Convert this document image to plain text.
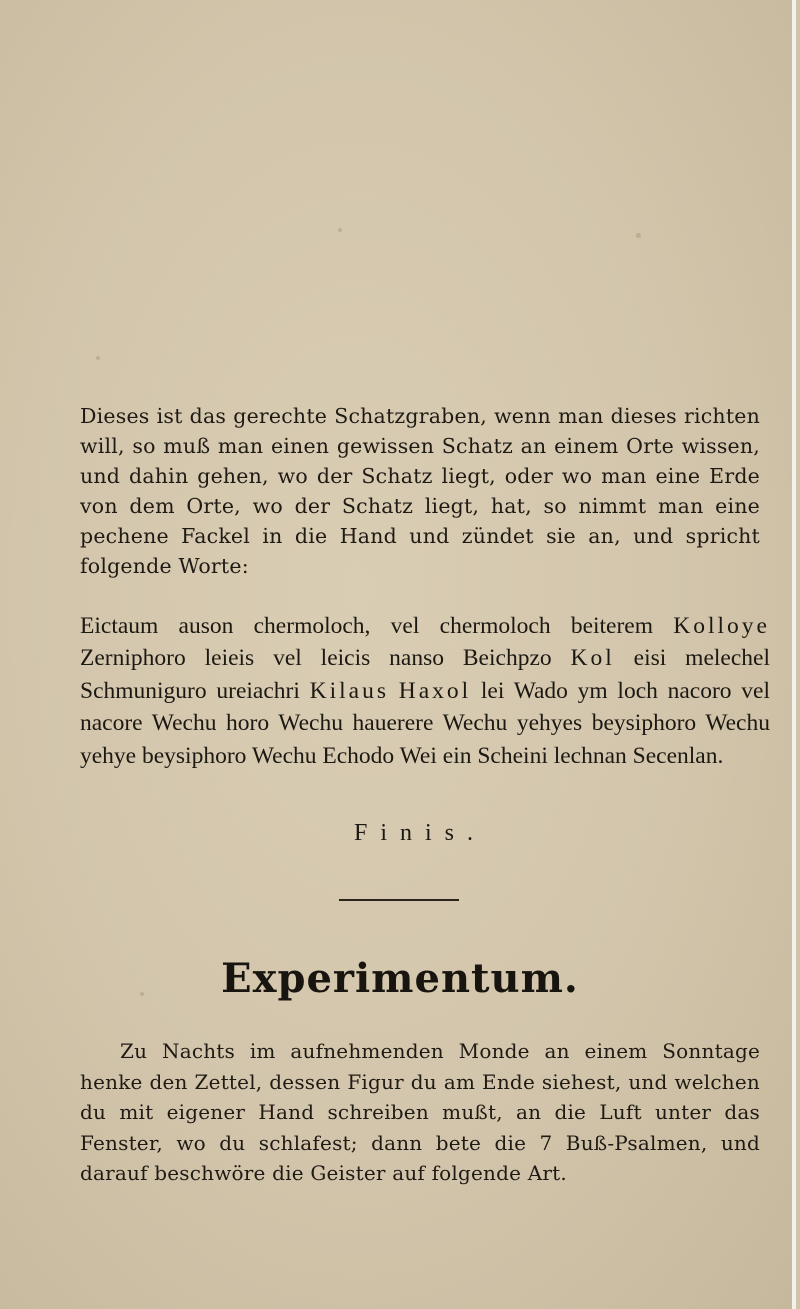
Dieses ist das gerechte Schatzgraben, wenn man dieses richten will, so muß man einen gewissen Schatz an einem Orte wissen, und dahin gehen, wo der Schatz liegt, oder wo man eine Erde von dem Orte, wo der Schatz liegt, hat, so nimmt man eine pechene Fackel in die Hand und zündet sie an, und spricht folgende Worte:

Eictaum auson chermoloch, vel chermoloch beiterem Kolloye Zerniphoro leieis vel leicis nanso Beichpzo Kol eisi melechel Schmuniguro ureiachri Kilaus Haxol lei Wado ym loch nacoro vel nacore Wechu horo Wechu hauerere Wechu yehyes beysiphoro Wechu yehye beysiphoro Wechu Echodo Wei ein Scheini lechnan Secenlan.

Finis.
Experimentum.

Zu Nachts im aufnehmenden Monde an einem Sonntage henke den Zettel, dessen Figur du am Ende siehest, und welchen du mit eigener Hand schreiben mußt, an die Luft unter das Fenster, wo du schlafest; dann bete die 7 Buß-Psalmen, und darauf beschwöre die Geister auf folgende Art.
